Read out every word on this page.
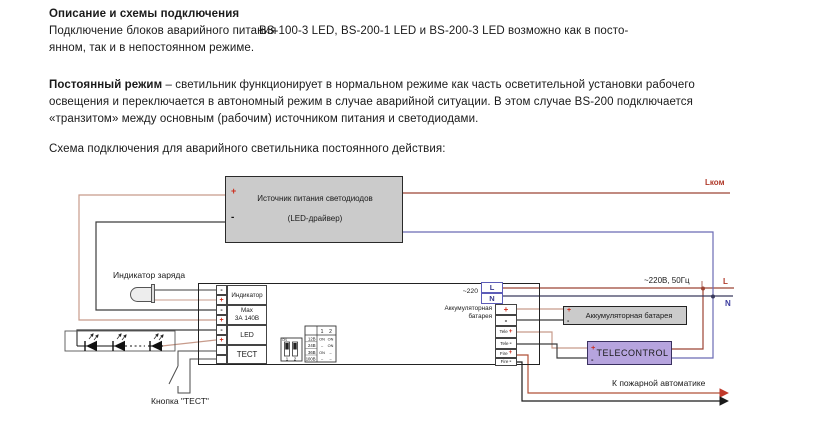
Описание и схемы подключения
Подключение блоков аварийного питания
BS-100-3 LED, BS-200-1 LED и BS-200-3 LED возможно как в посто-
янном, так и в непостоянном режиме.
Постоянный режим – светильник функционирует в нормальном режиме как часть осветительной установки рабочего
освещения и переключается в автономный режим в случае аварийной ситуации. В этом случае BS-200 подключается
«транзитом» между основным (рабочим) источником питания и светодиодами.
Схема подключения для аварийного светильника постоянного действия:
ON
1 2
1 2
12В ON ON
24В – ON
36В ON –
100В – –
+
-
Источник питания светодиодов
(LED-драйвер)
-
+
-
+
-
+
Индикатор
Max
3А 140В
LED
ТЕСТ
~220
Аккумуляторная
батарея
L
N
+
-
Tele +
Tele -
Fire +
Fire -
+
-
Аккумуляторная батарея
+
-
TELECONTROL
Lком
Индикатор заряда
~220В, 50Гц	L
N
К пожарной автоматике
Кнопка "ТЕСТ"
